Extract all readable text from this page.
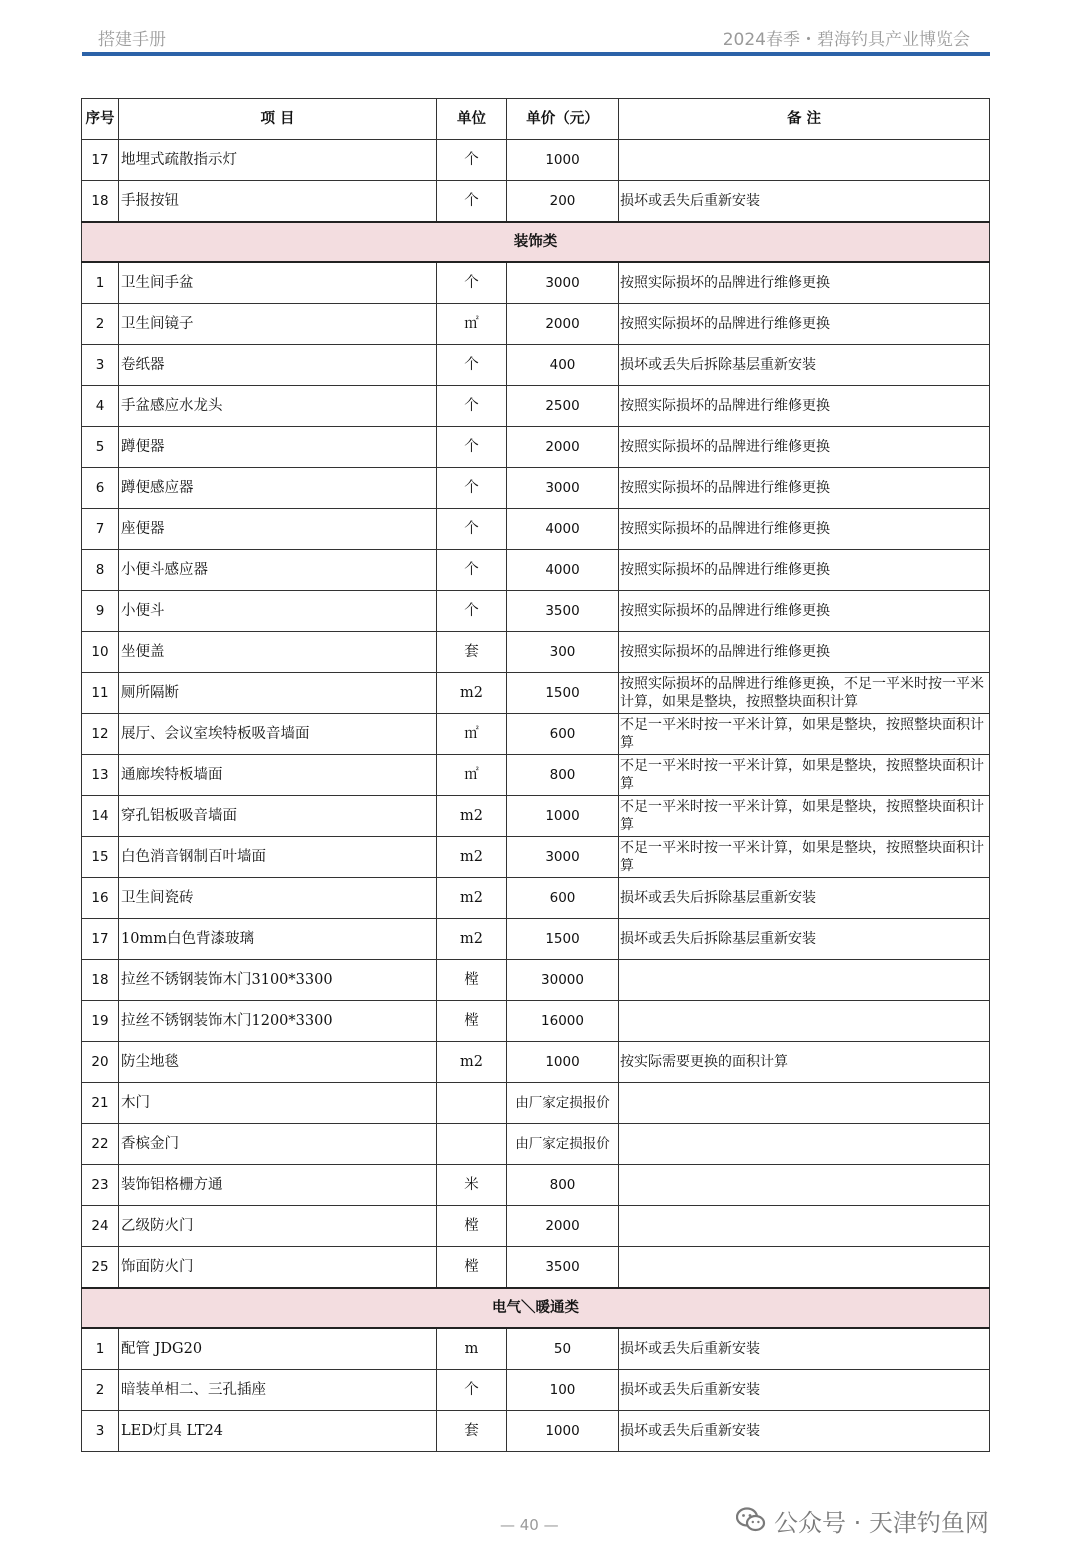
搭建手册	2024春季・碧海钓具产业博览会
序号	项 目	单位	单价（元）	备 注
17	地埋式疏散指示灯	个	1000	
18	手报按钮	个	200	损坏或丢失后重新安装
装饰类				
1	卫生间手盆	个	3000	按照实际损坏的品牌进行维修更换
2	卫生间镜子	㎡	2000	按照实际损坏的品牌进行维修更换
3	卷纸器	个	400	损坏或丢失后拆除基层重新安装
4	手盆感应水龙头	个	2500	按照实际损坏的品牌进行维修更换
5	蹲便器	个	2000	按照实际损坏的品牌进行维修更换
6	蹲便感应器	个	3000	按照实际损坏的品牌进行维修更换
7	座便器	个	4000	按照实际损坏的品牌进行维修更换
8	小便斗感应器	个	4000	按照实际损坏的品牌进行维修更换
9	小便斗	个	3500	按照实际损坏的品牌进行维修更换
10	坐便盖	套	300	按照实际损坏的品牌进行维修更换
11	厕所隔断	m2	1500	按照实际损坏的品牌进行维修更换，不足一平米时按一平米计算，如果是整块，按照整块面积计算
12	展厅、会议室埃特板吸音墙面	㎡	600	不足一平米时按一平米计算，如果是整块，按照整块面积计算
13	通廊埃特板墙面	㎡	800	不足一平米时按一平米计算，如果是整块，按照整块面积计算
14	穿孔铝板吸音墙面	m2	1000	不足一平米时按一平米计算，如果是整块，按照整块面积计算
15	白色消音钢制百叶墙面	m2	3000	不足一平米时按一平米计算，如果是整块，按照整块面积计算
16	卫生间瓷砖	m2	600	损坏或丢失后拆除基层重新安装
17	10mm白色背漆玻璃	m2	1500	损坏或丢失后拆除基层重新安装
18	拉丝不锈钢装饰木门3100*3300	樘	30000	
19	拉丝不锈钢装饰木门1200*3300	樘	16000	
20	防尘地毯	m2	1000	按实际需要更换的面积计算
21	木门		由厂家定损报价	
22	香槟金门		由厂家定损报价	
23	装饰铝格栅方通	米	800	
24	乙级防火门	樘	2000	
25	饰面防火门	樘	3500	
电气＼暖通类				
1	配管 JDG20	m	50	损坏或丢失后重新安装
2	暗装单相二、三孔插座	个	100	损坏或丢失后重新安装
3	LED灯具 LT24	套	1000	损坏或丢失后重新安装
— 40 —	公众号 · 天津钓鱼网
